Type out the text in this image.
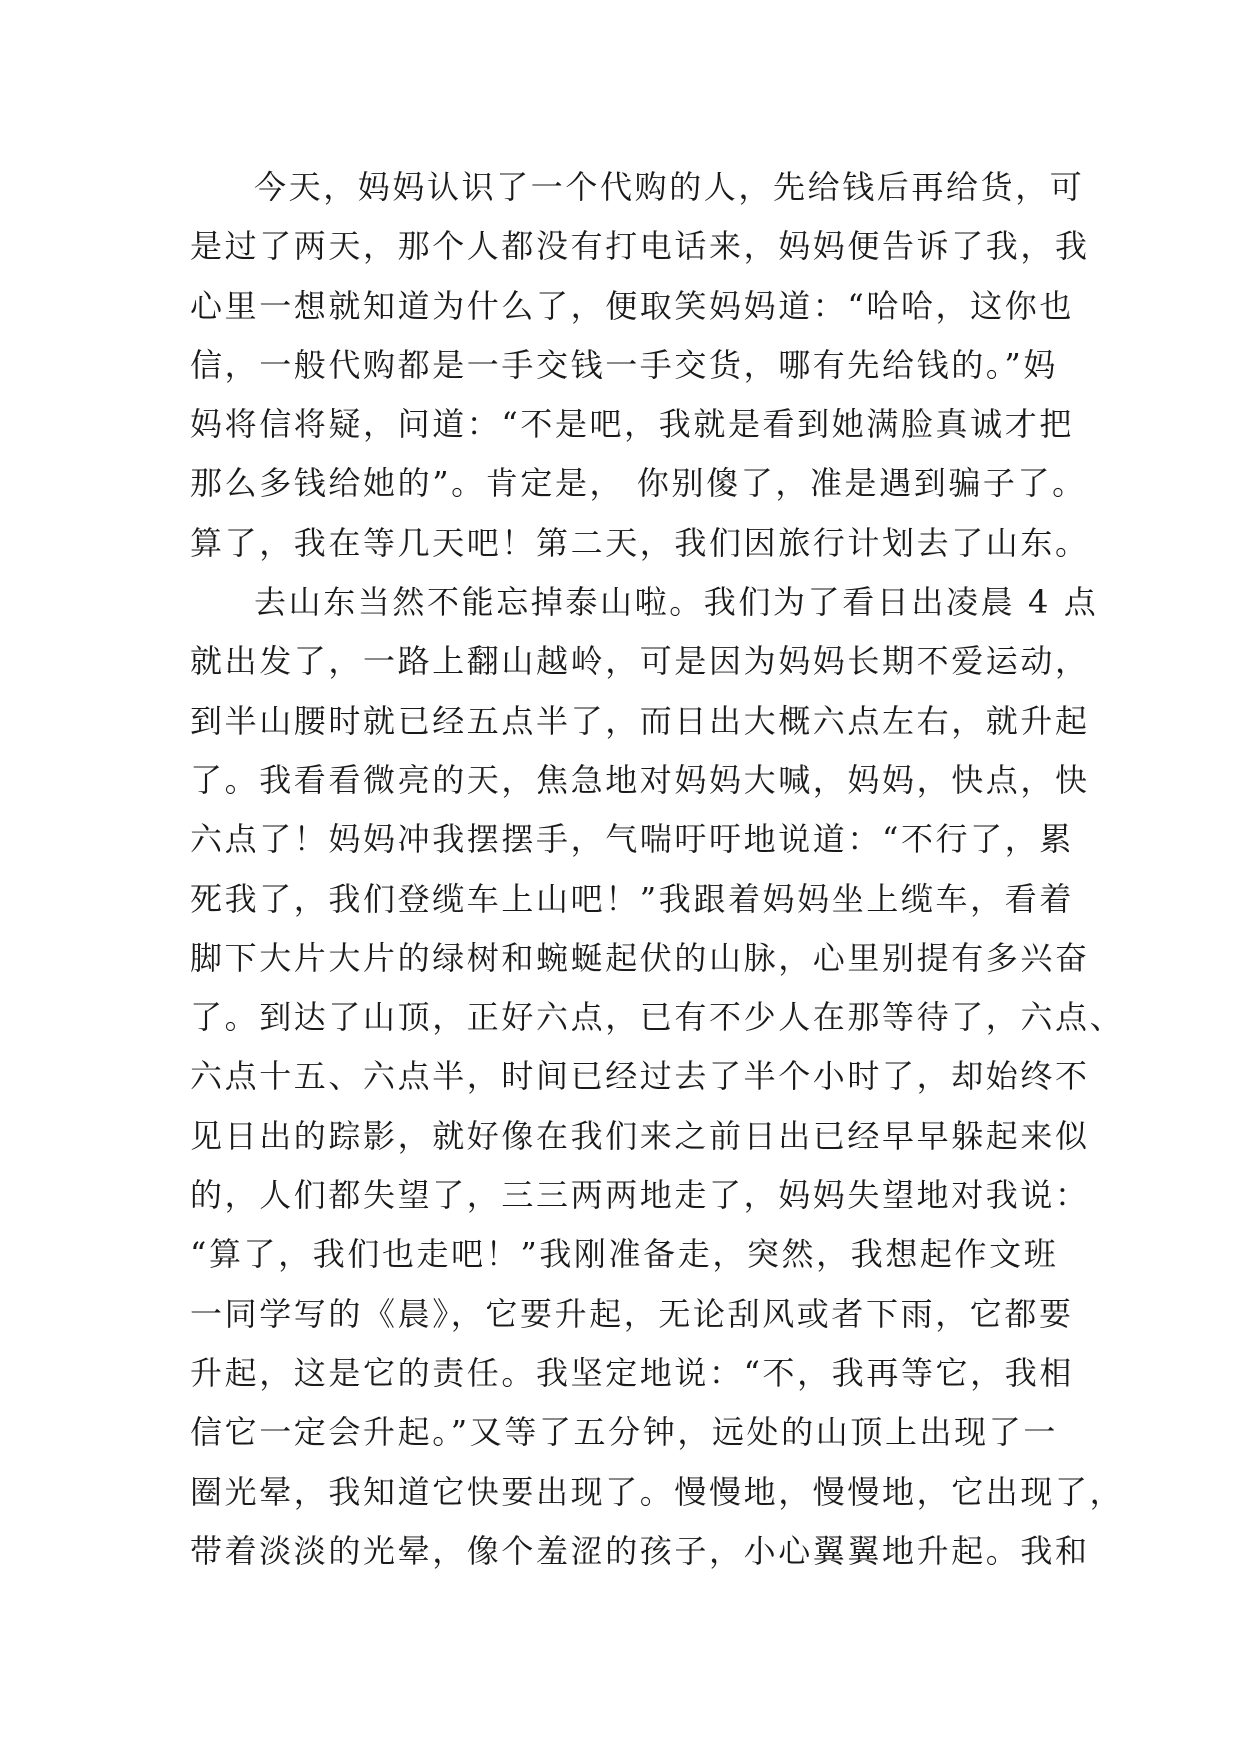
今天，妈妈认识了一个代购的人，先给钱后再给货，可
是过了两天，那个人都没有打电话来，妈妈便告诉了我，我
心里一想就知道为什么了，便取笑妈妈道：“哈哈，这你也
信，一般代购都是一手交钱一手交货，哪有先给钱的。”妈
妈将信将疑，问道：“不是吧，我就是看到她满脸真诚才把
那么多钱给她的”。肯定是， 你别傻了，准是遇到骗子了。
算了，我在等几天吧！第二天，我们因旅行计划去了山东。
去山东当然不能忘掉泰山啦。我们为了看日出凌晨 4 点
就出发了，一路上翻山越岭，可是因为妈妈长期不爱运动，
到半山腰时就已经五点半了，而日出大概六点左右，就升起
了。我看看微亮的天，焦急地对妈妈大喊，妈妈，快点，快
六点了！妈妈冲我摆摆手，气喘吁吁地说道：“不行了，累
死我了，我们登缆车上山吧！”我跟着妈妈坐上缆车，看着
脚下大片大片的绿树和蜿蜒起伏的山脉，心里别提有多兴奋
了。到达了山顶，正好六点，已有不少人在那等待了，六点、
六点十五、六点半，时间已经过去了半个小时了，却始终不
见日出的踪影，就好像在我们来之前日出已经早早躲起来似
的，人们都失望了，三三两两地走了，妈妈失望地对我说：
“算了，我们也走吧！”我刚准备走，突然，我想起作文班
一同学写的《晨》，它要升起，无论刮风或者下雨，它都要
升起，这是它的责任。我坚定地说：“不，我再等它，我相
信它一定会升起。”又等了五分钟，远处的山顶上出现了一
圈光晕，我知道它快要出现了。慢慢地，慢慢地，它出现了，
带着淡淡的光晕，像个羞涩的孩子，小心翼翼地升起。我和
